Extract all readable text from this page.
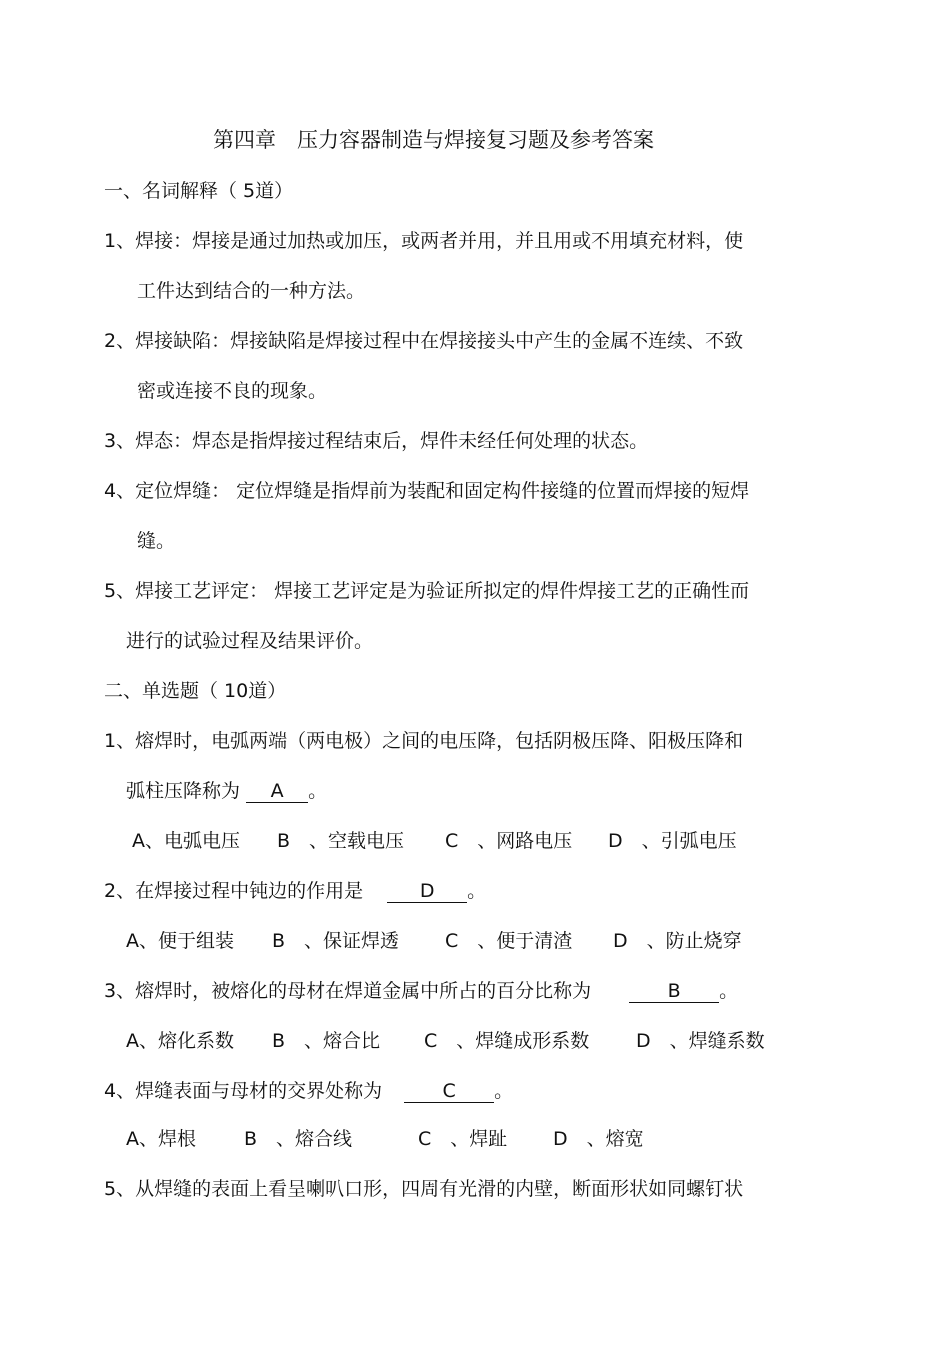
第四章　压力容器制造与焊接复习题及参考答案
一、名词解释（ 5道）
1、焊接：焊接是通过加热或加压，或两者并用，并且用或不用填充材料，使
工件达到结合的一种方法。
2、焊接缺陷：焊接缺陷是焊接过程中在焊接接头中产生的金属不连续、不致
密或连接不良的现象。
3、焊态：焊态是指焊接过程结束后，焊件未经任何处理的状态。
4、定位焊缝： 定位焊缝是指焊前为装配和固定构件接缝的位置而焊接的短焊
缝。
5、焊接工艺评定： 焊接工艺评定是为验证所拟定的焊件焊接工艺的正确性而
进行的试验过程及结果评价。
二、单选题（ 10道）
1、熔焊时，电弧两端（两电极）之间的电压降，包括阴极压降、阳极压降和
弧柱压降称为 A 。
A、电弧电压 B　、空载电压 C　、网路电压 D　、引弧电压
2、在焊接过程中钝边的作用是	D 。
A、便于组装 B　、保证焊透 C　、便于清渣 D　、防止烧穿
3、熔焊时，被熔化的母材在焊道金属中所占的百分比称为	B 。
A、熔化系数 B　、熔合比 C　、焊缝成形系数 D　、焊缝系数
4、焊缝表面与母材的交界处称为	C 。
A、焊根	B　、熔合线	C　、焊趾 D　、熔宽
5、从焊缝的表面上看呈喇叭口形，四周有光滑的内壁，断面形状如同螺钉状
